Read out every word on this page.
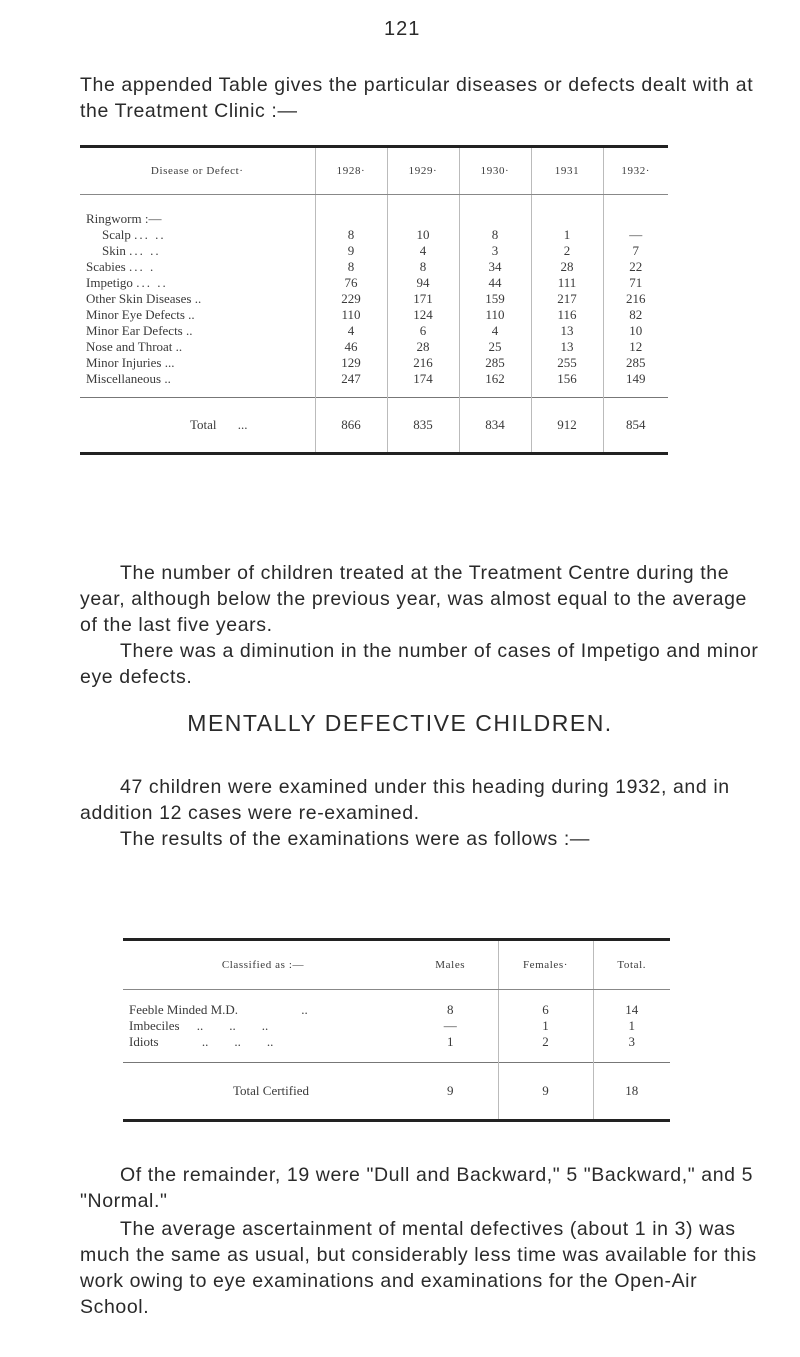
121

The appended Table gives the particular diseases or defects dealt with at the Treatment Clinic :—

Disease or Defect·	1928·	1929·	1930·	1931	1932·
Ringworm :—					
Scalp ... ..	8	10	8	1	—
Skin ... ..	9	4	3	2	7
Scabies ... .	8	8	34	28	22
Impetigo ... ..	76	94	44	111	71
Other Skin Diseases ..	229	171	159	217	216
Minor Eye Defects ..	110	124	110	116	82
Minor Ear Defects ..	4	6	4	13	10
Nose and Throat ..	46	28	25	13	12
Minor Injuries ...	129	216	285	255	285
Miscellaneous ..	247	174	162	156	149

Total ...	866	835	834	912	854

The number of children treated at the Treatment Centre during the year, although below the previous year, was almost equal to the average of the last five years.

There was a diminution in the number of cases of Impetigo and minor eye defects.

MENTALLY DEFECTIVE CHILDREN.

47 children were examined under this heading during 1932, and in addition 12 cases were re-examined.

The results of the examinations were as follows :—

Classified as :—	Males	Females·	Total.

Feeble Minded M.D. ..	8	6	14
Imbeciles ..        ..        ..	—	1	1
Idiots ..        ..        ..	1	2	3

Total Certified	9	9	18

Of the remainder, 19 were "Dull and Backward," 5 "Backward," and 5 "Normal."

The average ascertainment of mental defectives (about 1 in 3) was much the same as usual, but considerably less time was available for this work owing to eye examinations and examinations for the Open-Air School.
